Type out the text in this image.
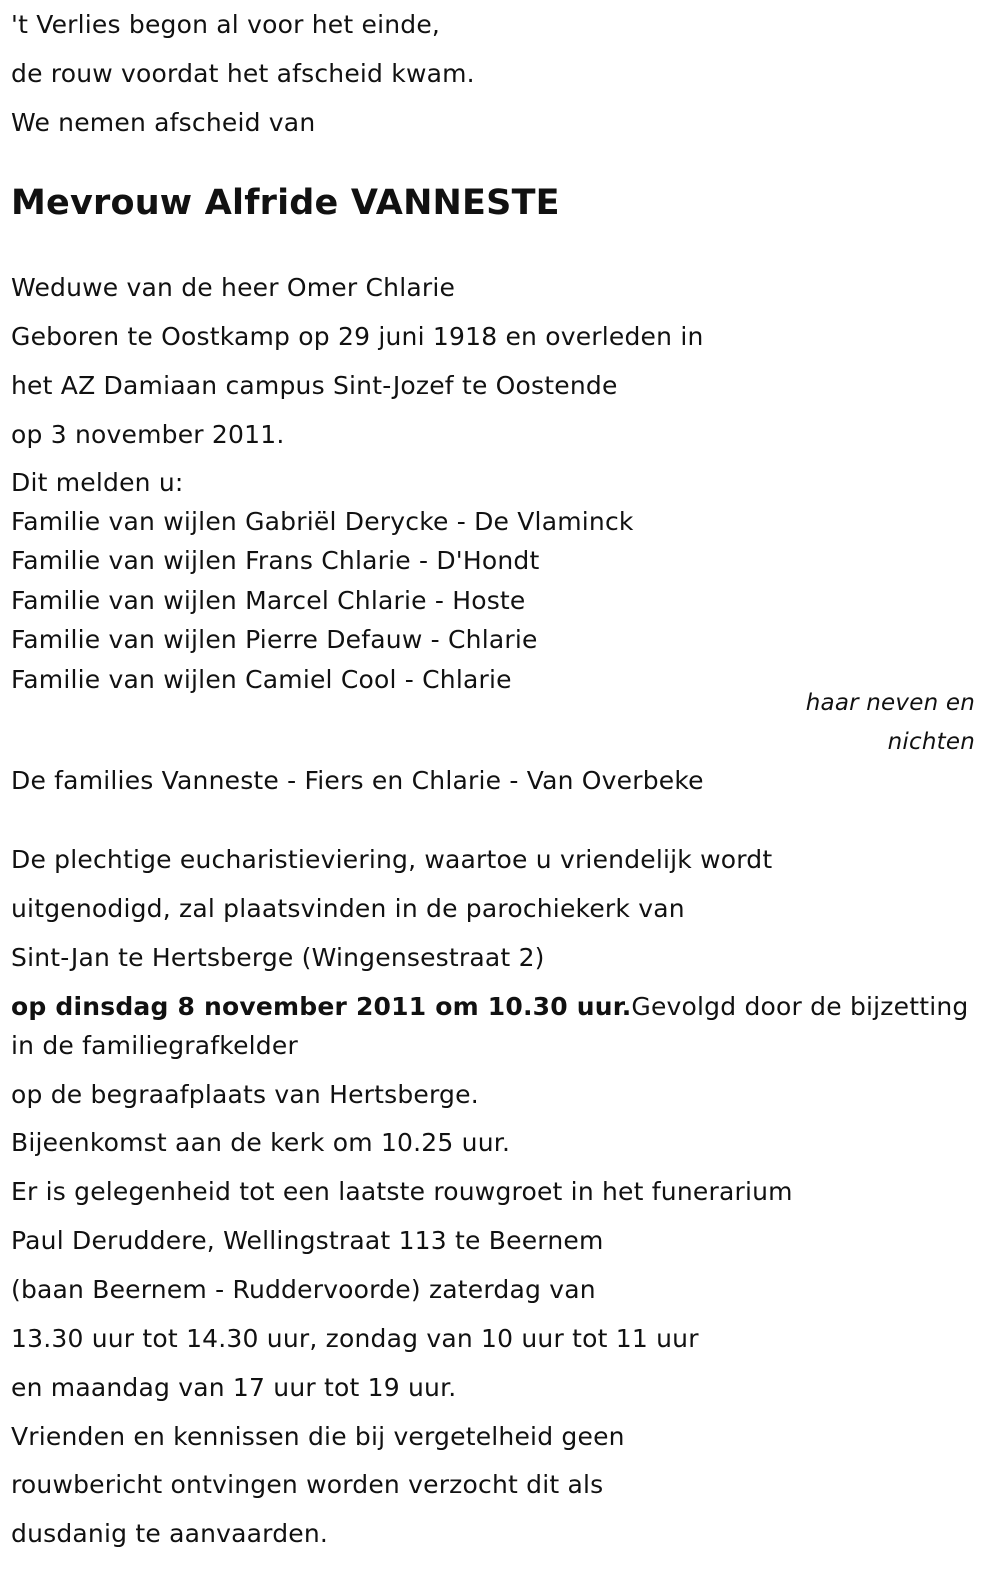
't Verlies begon al voor het einde,
de rouw voordat het afscheid kwam.
We nemen afscheid van
Mevrouw Alfride VANNESTE
Weduwe van de heer Omer Chlarie
Geboren te Oostkamp op 29 juni 1918 en overleden in
het AZ Damiaan campus Sint-Jozef te Oostende
op 3 november 2011.
Dit melden u:
Familie van wijlen Gabriël Derycke - De Vlaminck
Familie van wijlen Frans Chlarie - D'Hondt
Familie van wijlen Marcel Chlarie - Hoste
Familie van wijlen Pierre Defauw - Chlarie
Familie van wijlen Camiel Cool - Chlarie
haar neven en
nichten
De families Vanneste - Fiers en Chlarie - Van Overbeke
De plechtige eucharistieviering, waartoe u vriendelijk wordt
uitgenodigd, zal plaatsvinden in de parochiekerk van
Sint-Jan te Hertsberge (Wingensestraat 2)
op dinsdag 8 november 2011 om 10.30 uur.Gevolgd door de bijzetting
in de familiegrafkelder
op de begraafplaats van Hertsberge.
Bijeenkomst aan de kerk om 10.25 uur.
Er is gelegenheid tot een laatste rouwgroet in het funerarium
Paul Deruddere, Wellingstraat 113 te Beernem
(baan Beernem - Ruddervoorde) zaterdag van
13.30 uur tot 14.30 uur, zondag van 10 uur tot 11 uur
en maandag van 17 uur tot 19 uur.
Vrienden en kennissen die bij vergetelheid geen
rouwbericht ontvingen worden verzocht dit als
dusdanig te aanvaarden.
